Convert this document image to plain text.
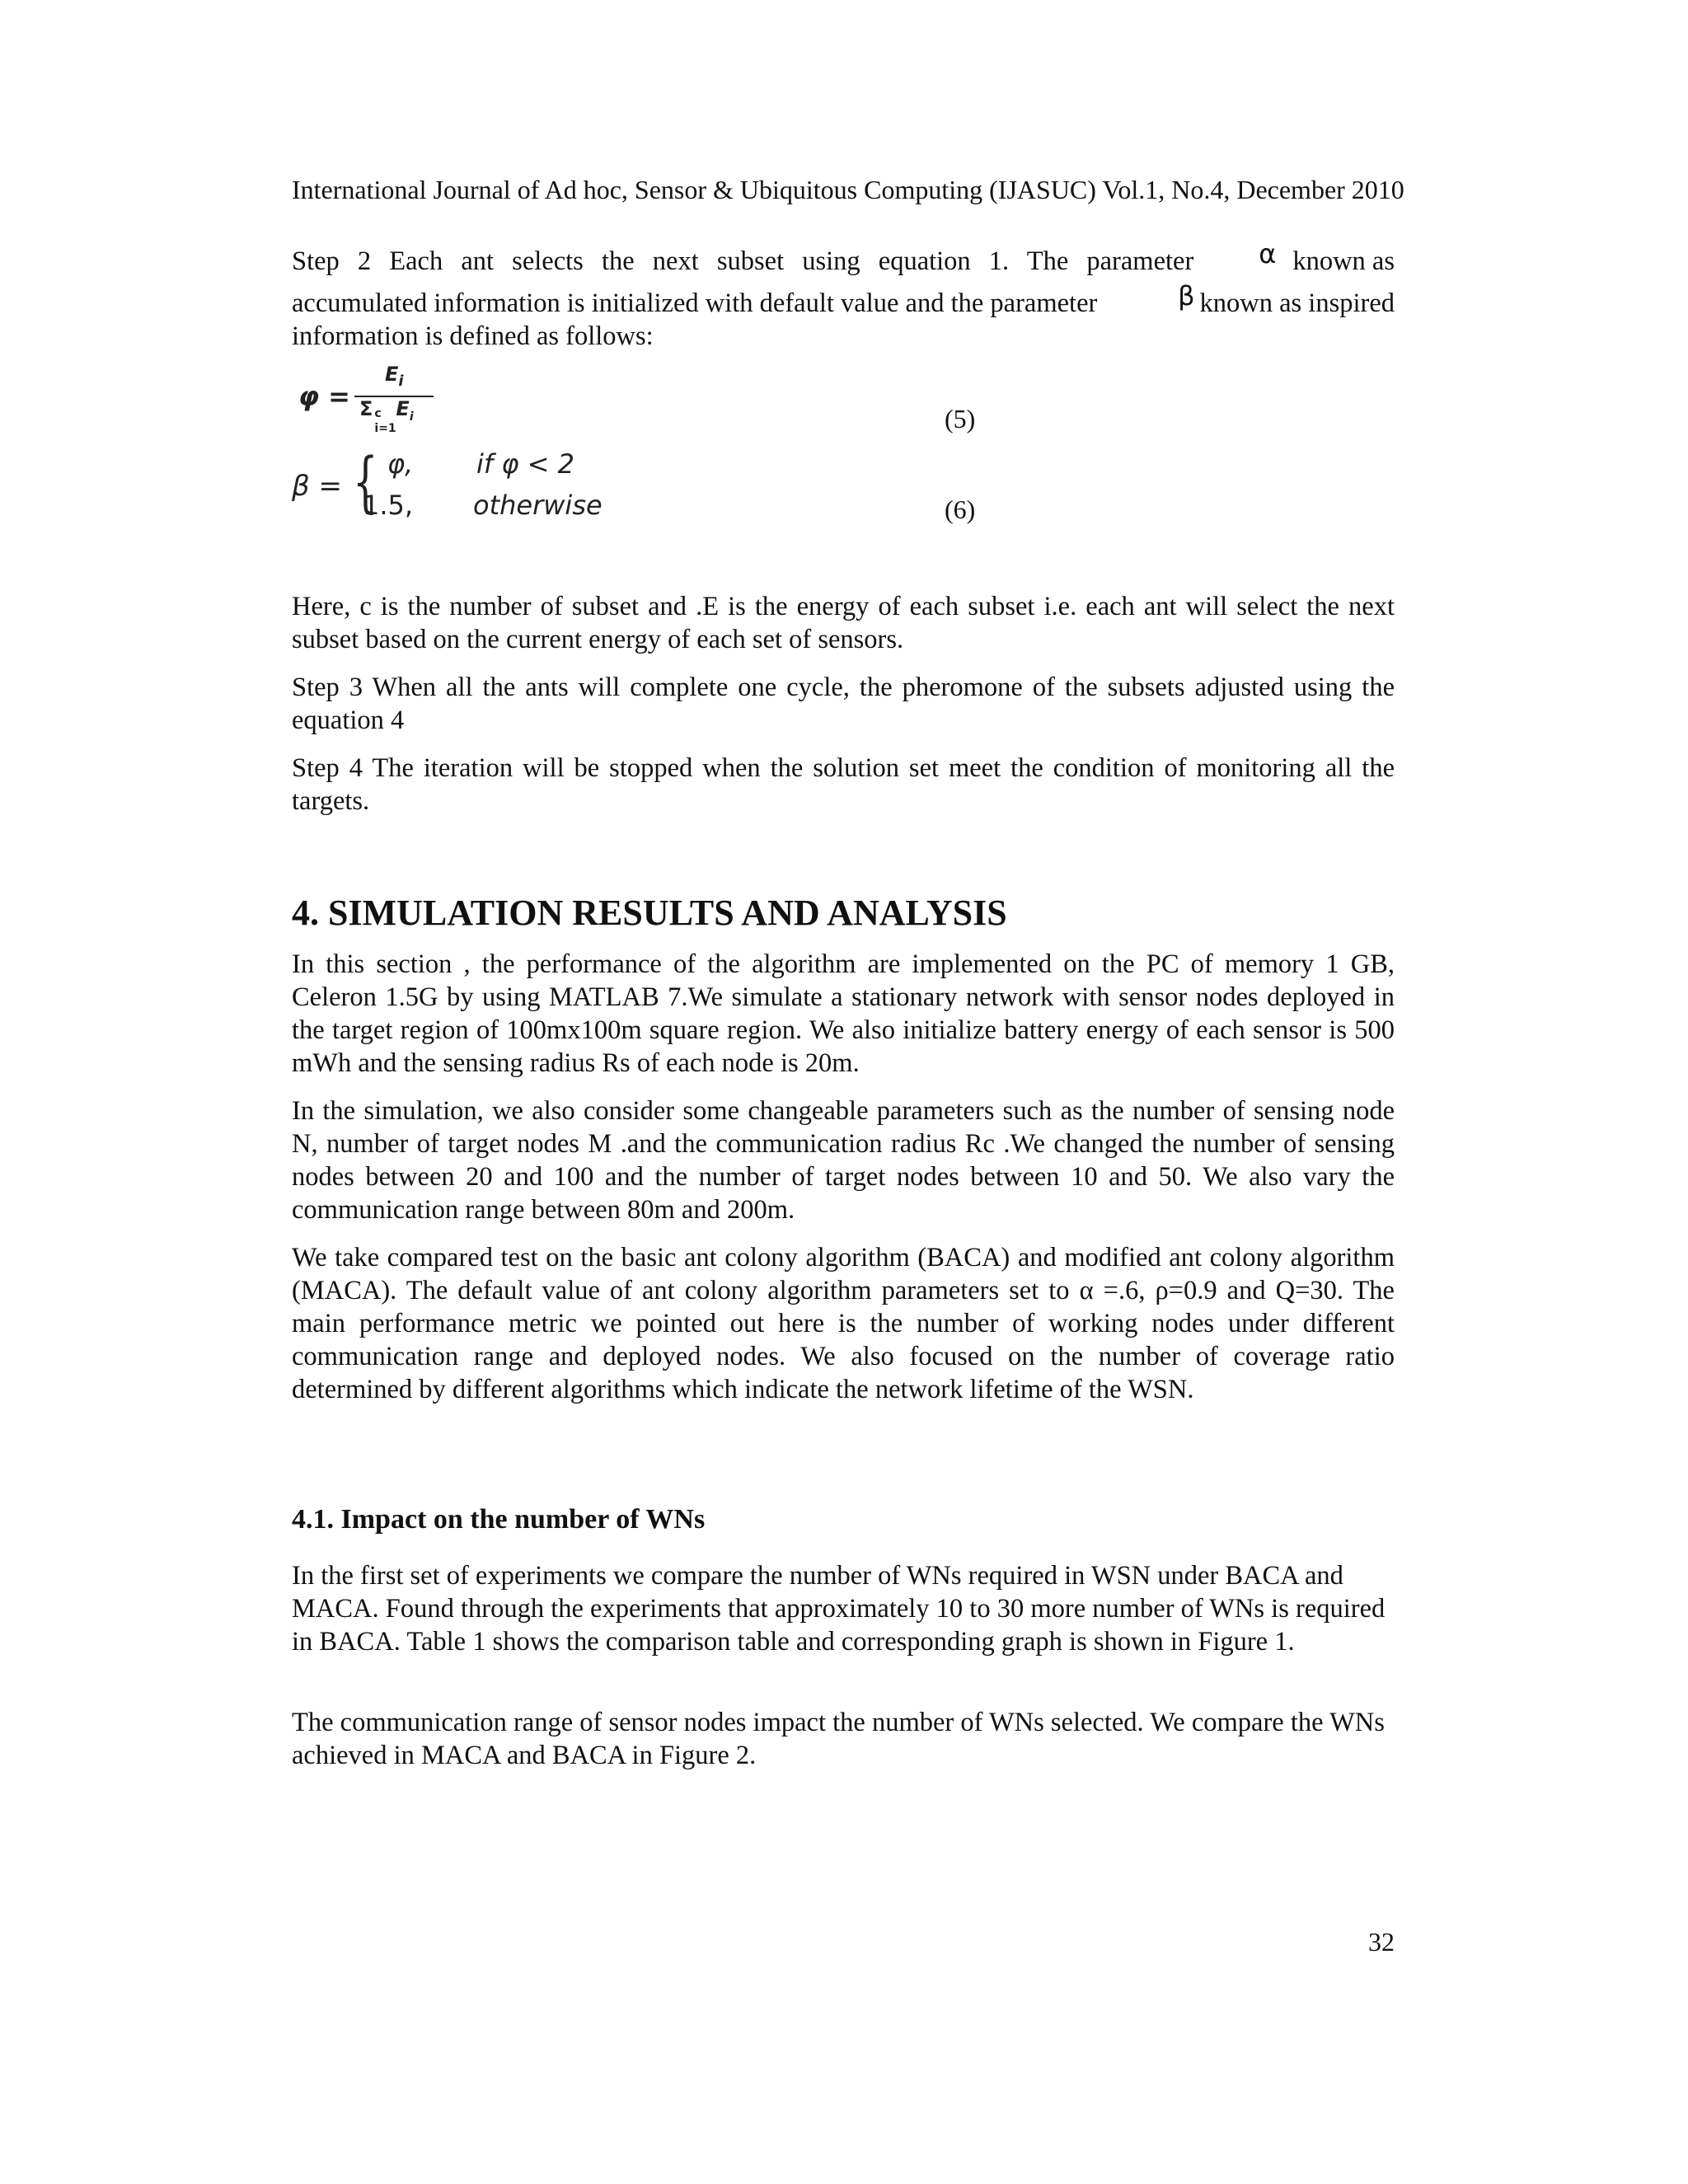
International Journal of Ad hoc, Sensor & Ubiquitous Computing (IJASUC) Vol.1, No.4, December 2010
Step 2 Each ant selects the next subset using equation 1. The parameter α known as
accumulated information is initialized with default value and the parameter	β known as inspired
information is defined as follows:
φ =
$E_i$
Σ c
i=1
$E_i$	(5)
β = { φ, if φ < 2
1.5, otherwise	(6)
Here, c is the number of subset and .E is the energy of each subset i.e. each ant will select the next subset based on the current energy of each set of sensors.
Step 3 When all the ants will complete one cycle, the pheromone of the subsets adjusted using the equation 4
Step 4 The iteration will be stopped when the solution set meet the condition of monitoring all the targets.
4. SIMULATION RESULTS AND ANALYSIS
In this section , the performance of the algorithm are implemented on the PC of memory 1 GB, Celeron 1.5G by using MATLAB 7.We simulate a stationary network with sensor nodes deployed in the target region of 100mx100m square region. We also initialize battery energy of each sensor is 500 mWh and the sensing radius Rs of each node is 20m.
In the simulation, we also consider some changeable parameters such as the number of sensing node N, number of target nodes M .and the communication radius Rc .We changed the number of sensing nodes between 20 and 100 and the number of target nodes between 10 and 50. We also vary the communication range between 80m and 200m.
We take compared test on the basic ant colony algorithm (BACA) and modified ant colony algorithm (MACA). The default value of ant colony algorithm parameters set to α =.6, ρ=0.9 and Q=30. The main performance metric we pointed out here is the number of working nodes under different communication range and deployed nodes. We also focused on the number of coverage ratio determined by different algorithms which indicate the network lifetime of the WSN.
4.1. Impact on the number of WNs
In the first set of experiments we compare the number of WNs required in WSN under BACA and MACA. Found through the experiments that approximately 10 to 30 more number of WNs is required in BACA. Table 1 shows the comparison table and corresponding graph is shown in Figure 1.
The communication range of sensor nodes impact the number of WNs selected. We compare the WNs achieved in MACA and BACA in Figure 2.
32
